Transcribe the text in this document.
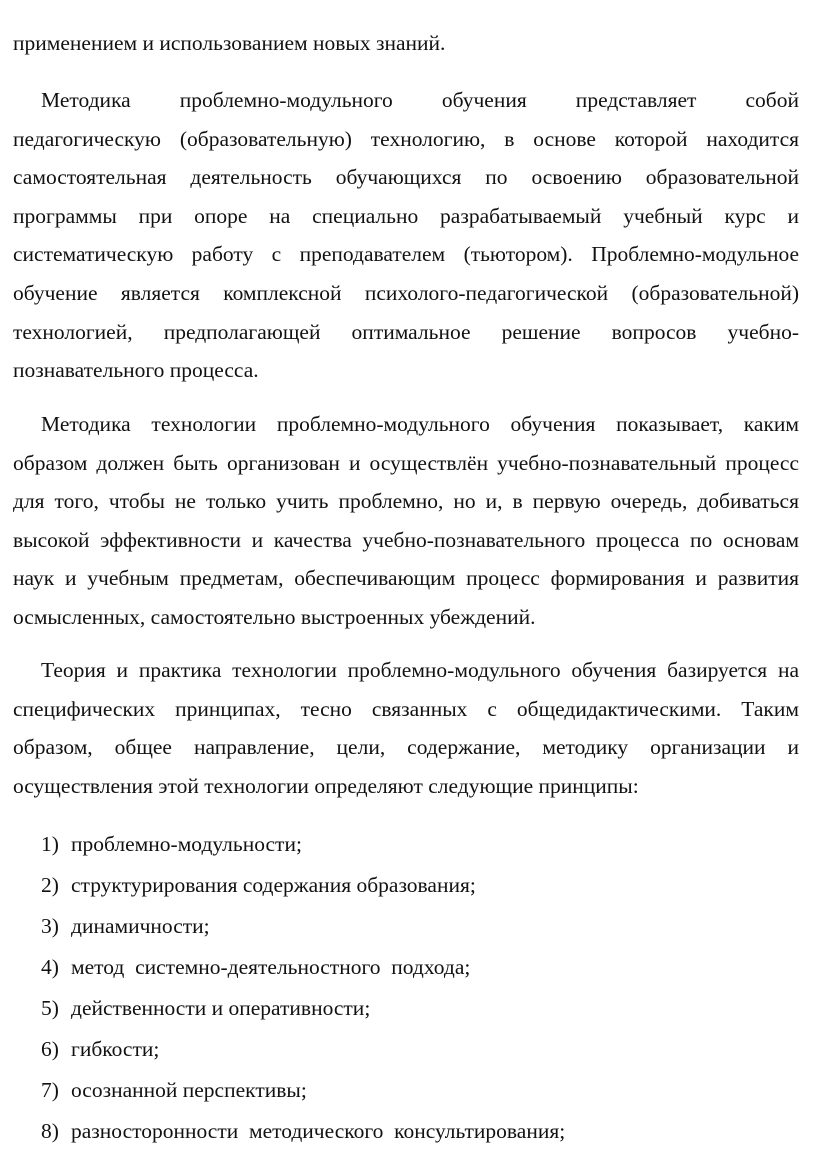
применением и использованием новых знаний.

Методика проблемно-модульного обучения представляет собой
педагогическую (образовательную) технологию, в основе которой находится
самостоятельная деятельность обучающихся по освоению образовательной
программы при опоре на специально разрабатываемый учебный курс и
систематическую работу с преподавателем (тьютором). Проблемно-модульное
обучение является комплексной психолого-педагогической (образовательной)
технологией, предполагающей оптимальное решение вопросов учебно-
познавательного процесса.

Методика технологии проблемно-модульного обучения показывает, каким
образом должен быть организован и осуществлён учебно-познавательный процесс
для того, чтобы не только учить проблемно, но и, в первую очередь, добиваться
высокой эффективности и качества учебно-познавательного процесса по основам
наук и учебным предметам, обеспечивающим процесс формирования и развития
осмысленных, самостоятельно выстроенных убеждений.

Теория и практика технологии проблемно-модульного обучения базируется на
специфических принципах, тесно связанных с общедидактическими. Таким
образом, общее направление, цели, содержание, методику организации и
осуществления этой технологии определяют следующие принципы:

1) проблемно-модульности;
2) структурирования содержания образования;
3) динамичности;
4) метод  системно-деятельностного  подхода;
5) действенности и оперативности;
6) гибкости;
7) осознанной перспективы;
8) разносторонности  методического  консультирования;
